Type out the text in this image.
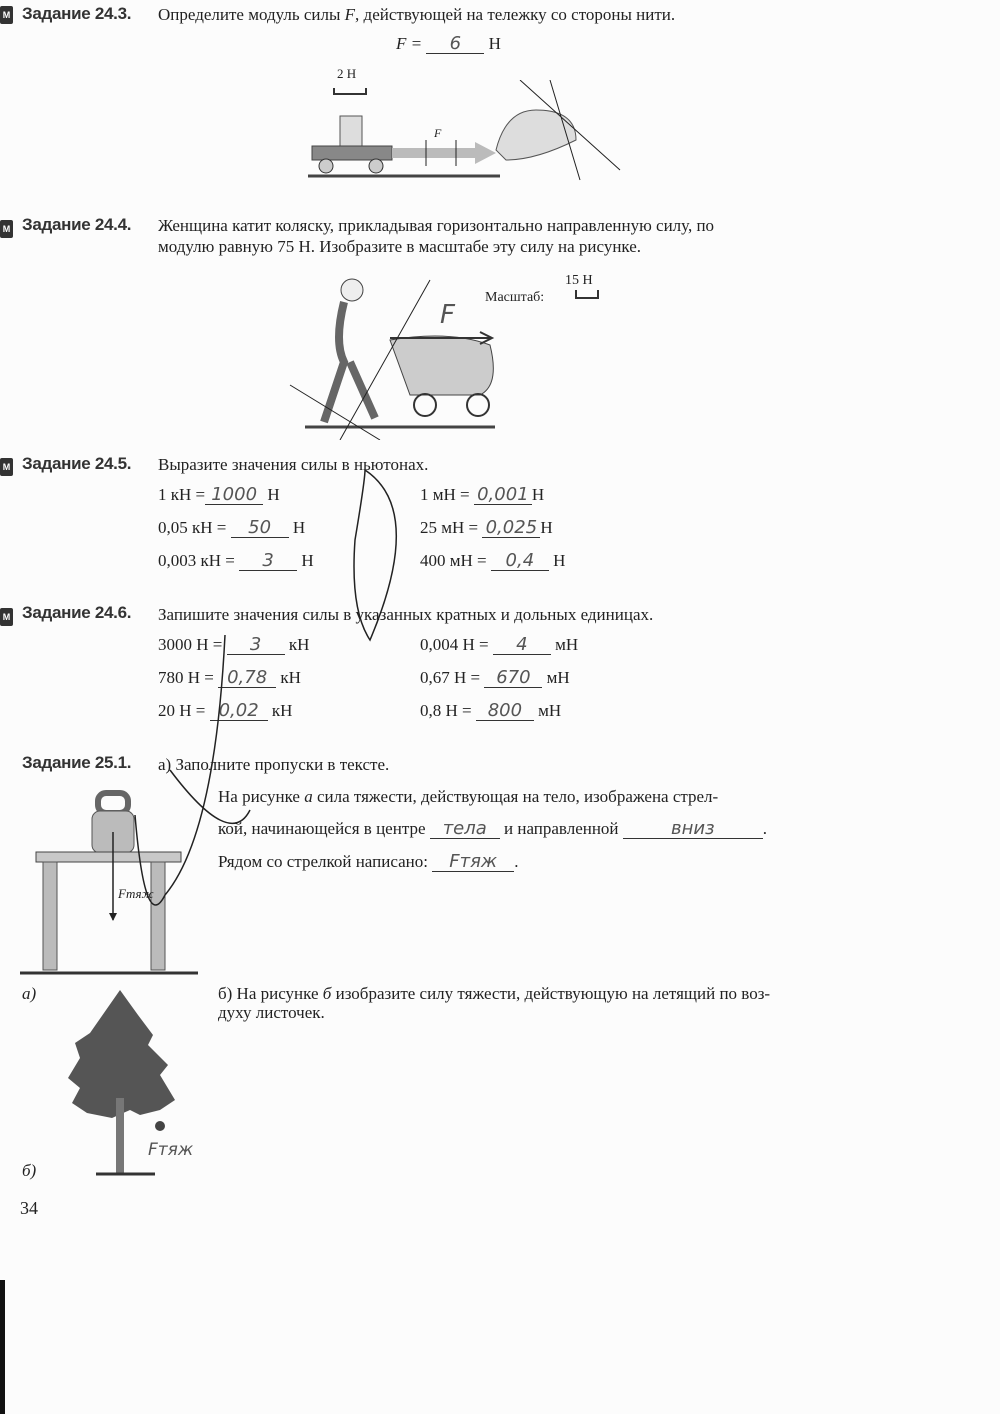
М Задание 24.3. Определите модуль силы F, действующей на тележку со стороны нити.
F = 6 Н
2 Н
F
М Задание 24.4. Женщина катит коляску, прикладывая горизонтально направленную силу, по
модулю равную 75 Н. Изобразите в масштабе эту силу на рисунке.
Масштаб:
15 Н
F
М Задание 24.5. Выразите значения силы в ньютонах.
1 кН = 1000 Н	1 мН = 0,001 Н
0,05 кН = 50 Н	25 мН = 0,025 Н
0,003 кН = 3 Н	400 мН = 0,4 Н
М Задание 24.6. Запишите значения силы в указанных кратных и дольных единицах.
3000 Н = 3 кН	0,004 Н = 4 мН
780 Н = 0,78 кН	0,67 Н = 670 мН
20 Н = 0,02 кН	0,8 Н = 800 мН
Задание 25.1. а) Заполните пропуски в тексте.
На рисунке а сила тяжести, действующая на тело, изображена стрел-
кой, начинающейся в центре тела и направленной	вниз	.
Рядом со стрелкой написано: Fтяж .
Fтяж
а)	б) На рисунке б изобразите силу тяжести, действующую на летящий по воз-
духу листочек.
Fтяж
б)
34
